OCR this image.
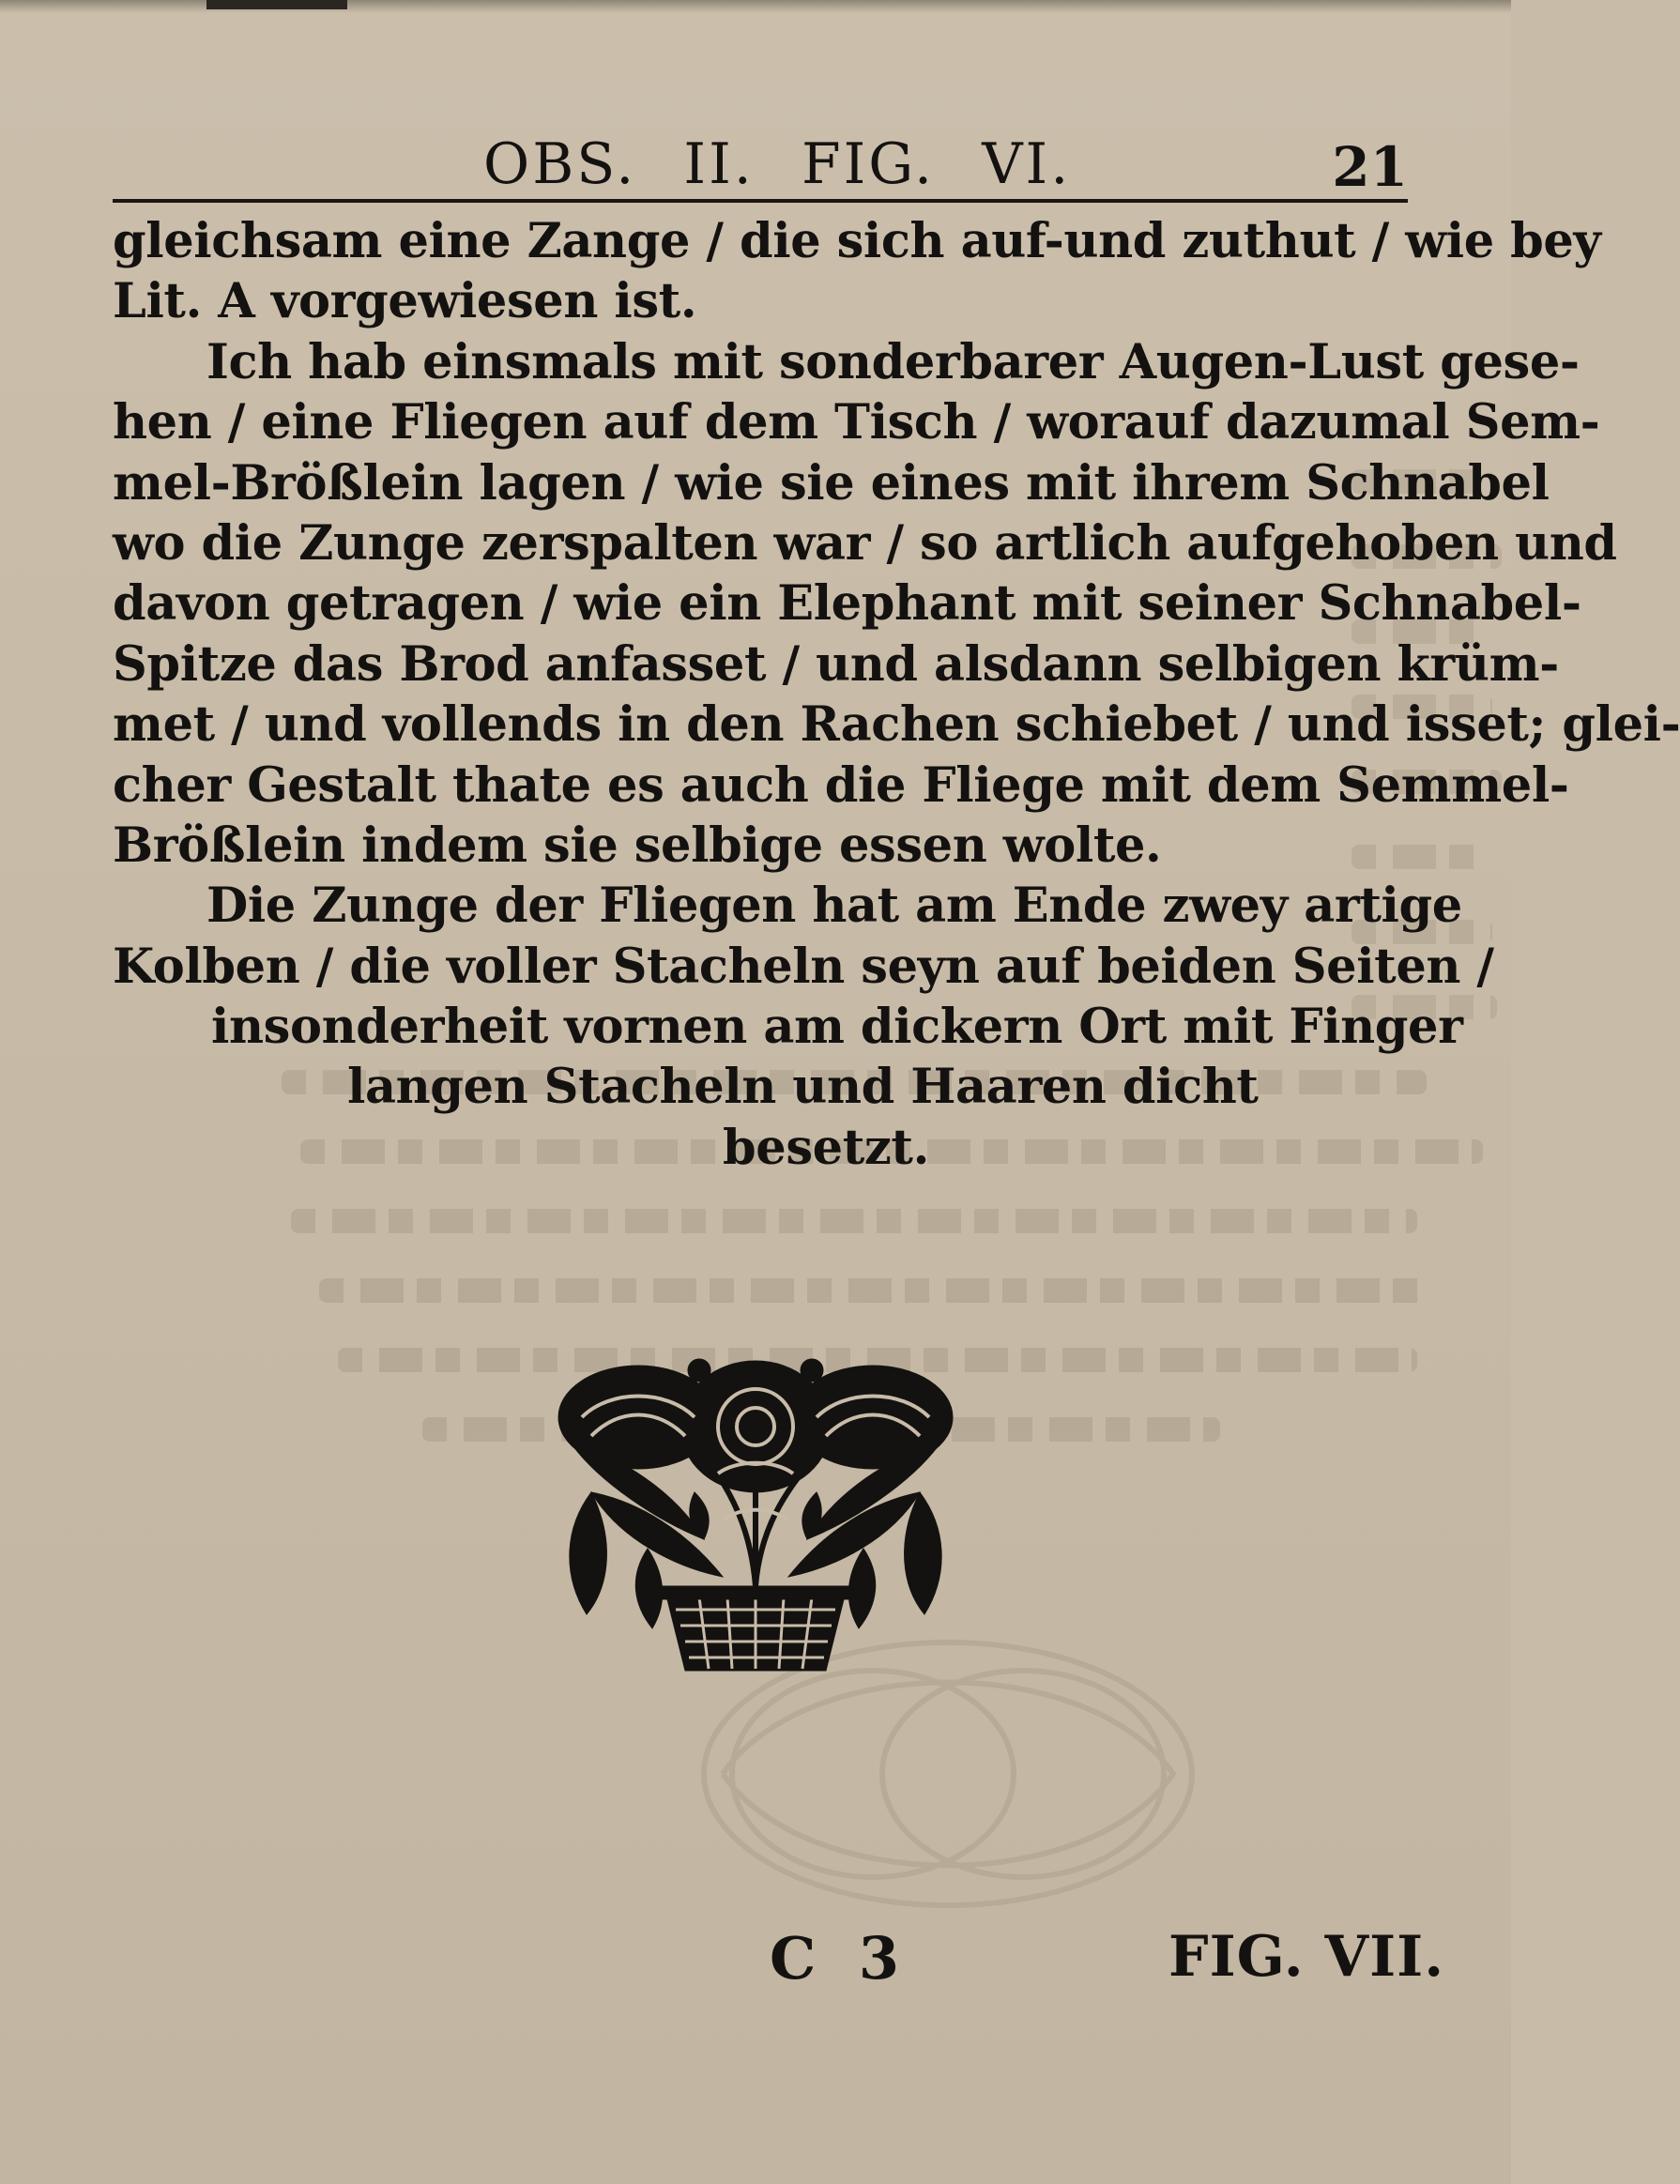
OBS. II. FIG. VI.	21
gleichsam eine Zange / die sich auf-und zuthut / wie bey
Lit. A vorgewiesen ist.
Ich hab einsmals mit sonderbarer Augen-Lust gese-
hen / eine Fliegen auf dem Tisch / worauf dazumal Sem-
mel-Brößlein lagen / wie sie eines mit ihrem Schnabel
wo die Zunge zerspalten war / so artlich aufgehoben und
davon getragen / wie ein Elephant mit seiner Schnabel-
Spitze das Brod anfasset / und alsdann selbigen krüm-
met / und vollends in den Rachen schiebet / und isset; glei-
cher Gestalt thate es auch die Fliege mit dem Semmel-
Brößlein indem sie selbige essen wolte.
Die Zunge der Fliegen hat am Ende zwey artige
Kolben / die voller Stacheln seyn auf beiden Seiten /
insonderheit vornen am dickern Ort mit Finger
langen Stacheln und Haaren dicht
besetzt.
C 3	FIG. VII.
